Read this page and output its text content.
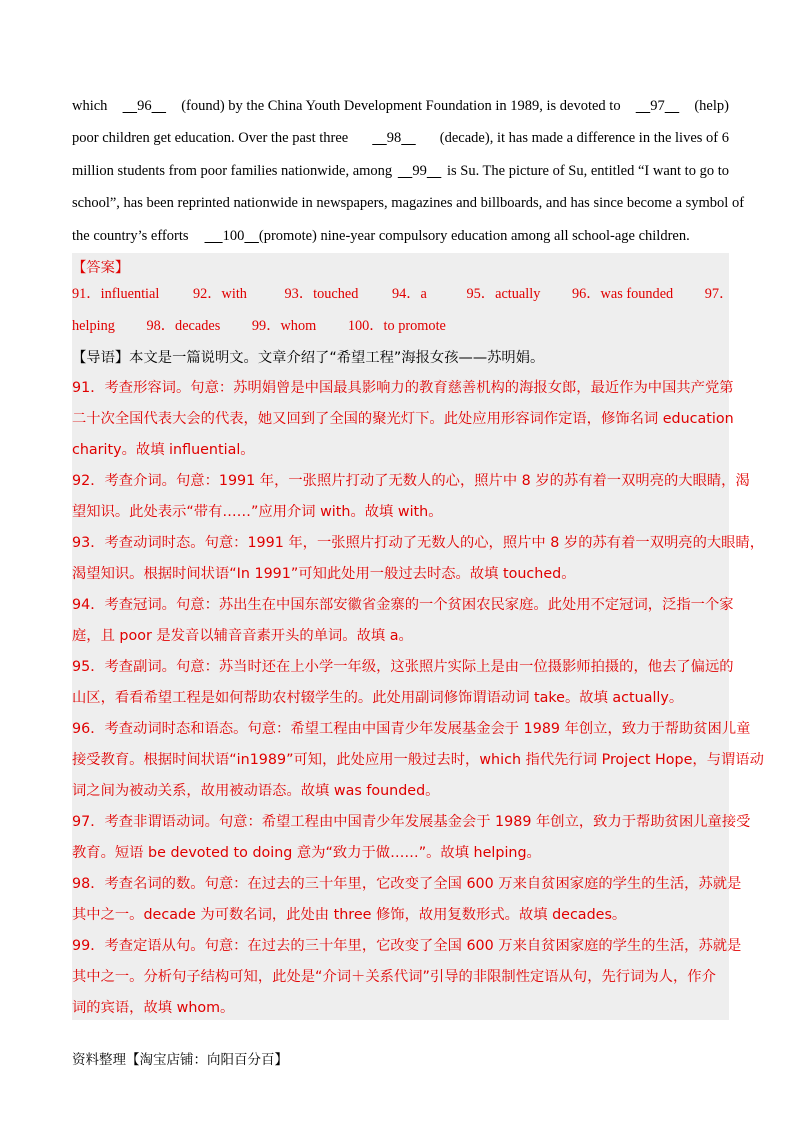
which	96	(found) by the China Youth Development Foundation in 1989, is devoted to	97	(help)
poor children get education. Over the past three	98	(decade), it has made a difference in the lives of 6
million students from poor families nationwide, among	99	is Su. The picture of Su, entitled “I want to go to
school”, has been reprinted nationwide in newspapers, magazines and billboards, and has since become a symbol of
the country’s efforts	100	(promote) nine-year compulsory education among all school-age children.
【答案】
91．influential 92．with	93．touched 94．a	95．actually 96．was founded 97．
helping 98．decades 99．whom 100．to promote
【导语】本文是一篇说明文。文章介绍了“希望工程”海报女孩——苏明娟。
91．考查形容词。句意：苏明娟曾是中国最具影响力的教育慈善机构的海报女郎，最近作为中国共产党第
二十次全国代表大会的代表，她又回到了全国的聚光灯下。此处应用形容词作定语，修饰名词 education
charity。故填 influential。
92．考查介词。句意：1991 年，一张照片打动了无数人的心，照片中 8 岁的苏有着一双明亮的大眼睛，渴
望知识。此处表示“带有……”应用介词 with。故填 with。
93．考查动词时态。句意：1991 年，一张照片打动了无数人的心，照片中 8 岁的苏有着一双明亮的大眼睛，
渴望知识。根据时间状语“In 1991”可知此处用一般过去时态。故填 touched。
94．考查冠词。句意：苏出生在中国东部安徽省金寨的一个贫困农民家庭。此处用不定冠词，泛指一个家
庭，且 poor 是发音以辅音音素开头的单词。故填 a。
95．考查副词。句意：苏当时还在上小学一年级，这张照片实际上是由一位摄影师拍摄的，他去了偏远的
山区，看看希望工程是如何帮助农村辍学生的。此处用副词修饰谓语动词 take。故填 actually。
96．考查动词时态和语态。句意：希望工程由中国青少年发展基金会于 1989 年创立，致力于帮助贫困儿童
接受教育。根据时间状语“in1989”可知，此处应用一般过去时，which 指代先行词 Project Hope，与谓语动
词之间为被动关系，故用被动语态。故填 was founded。
97．考查非谓语动词。句意：希望工程由中国青少年发展基金会于 1989 年创立，致力于帮助贫困儿童接受
教育。短语 be devoted to doing 意为“致力于做……”。故填 helping。
98．考查名词的数。句意：在过去的三十年里，它改变了全国 600 万来自贫困家庭的学生的生活，苏就是
其中之一。decade 为可数名词，此处由 three 修饰，故用复数形式。故填 decades。
99．考查定语从句。句意：在过去的三十年里，它改变了全国 600 万来自贫困家庭的学生的生活，苏就是
其中之一。分析句子结构可知，此处是“介词＋关系代词”引导的非限制性定语从句，先行词为人，作介
词的宾语，故填 whom。
资料整理【淘宝店铺：向阳百分百】
